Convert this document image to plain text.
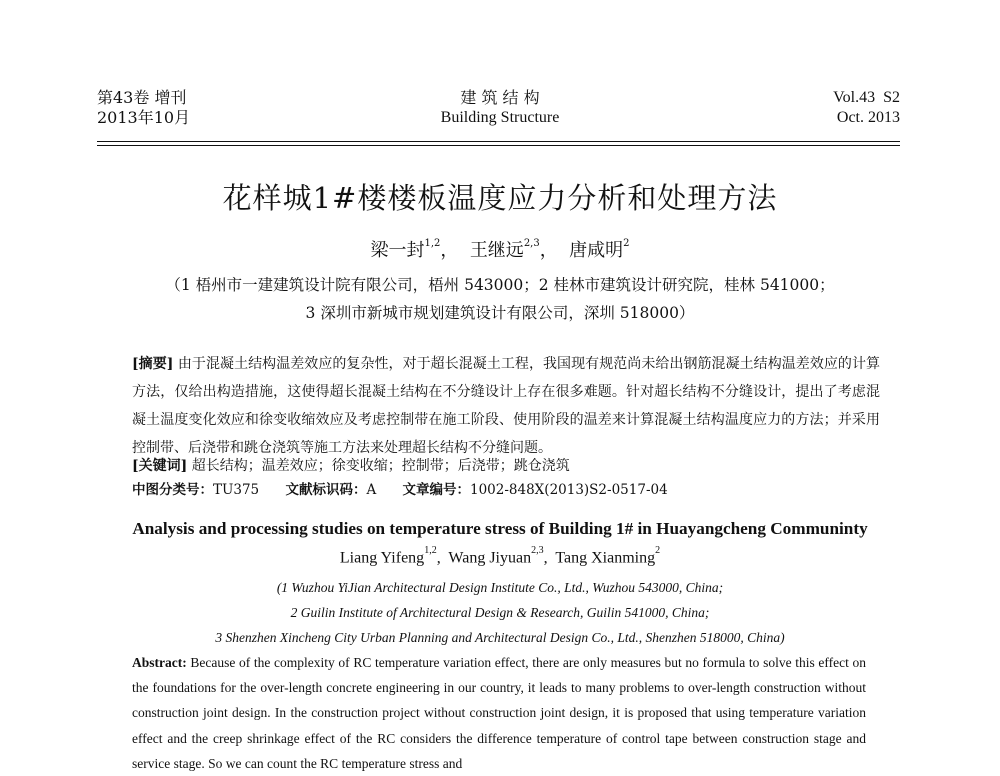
第43卷 增刊
2013年10月
建 筑 结 构
Building Structure
Vol.43  S2
Oct. 2013
花样城1#楼楼板温度应力分析和处理方法
梁一封$^{1,2}$，  王继远$^{2,3}$，  唐咸明$^2$
（1 梧州市一建建筑设计院有限公司，梧州 543000；2 桂林市建筑设计研究院，桂林 541000；
3 深圳市新城市规划建筑设计有限公司，深圳 518000）
[摘要] 由于混凝土结构温差效应的复杂性，对于超长混凝土工程，我国现有规范尚未给出钢筋混凝土结构温差效应的计算方法，仅给出构造措施，这使得超长混凝土结构在不分缝设计上存在很多难题。针对超长结构不分缝设计，提出了考虑混凝土温度变化效应和徐变收缩效应及考虑控制带在施工阶段、使用阶段的温差来计算混凝土结构温度应力的方法；并采用控制带、后浇带和跳仓浇筑等施工方法来处理超长结构不分缝问题。
[关键词] 超长结构；温差效应；徐变收缩；控制带；后浇带；跳仓浇筑
中图分类号：TU375 文献标识码：A 文章编号：1002-848X(2013)S2-0517-04
Analysis and processing studies on temperature stress of Building 1# in Huayangcheng Communinty
Liang Yifeng$^{1,2}$,  Wang Jiyuan$^{2,3}$,  Tang Xianming$^2$
(1 Wuzhou YiJian Architectural Design Institute Co., Ltd., Wuzhou 543000, China;
2 Guilin Institute of Architectural Design & Research, Guilin 541000, China;
3 Shenzhen Xincheng City Urban Planning and Architectural Design Co., Ltd., Shenzhen 518000, China)
Abstract: Because of the complexity of RC temperature variation effect, there are only measures but no formula to solve this effect on the foundations for the over-length concrete engineering in our country, it leads to many problems to over-length construction without construction joint design. In the construction project without construction joint design, it is proposed that using temperature variation effect and the creep shrinkage effect of the RC considers the difference temperature of control tape between construction stage and service stage. So we can count the RC temperature stress and
